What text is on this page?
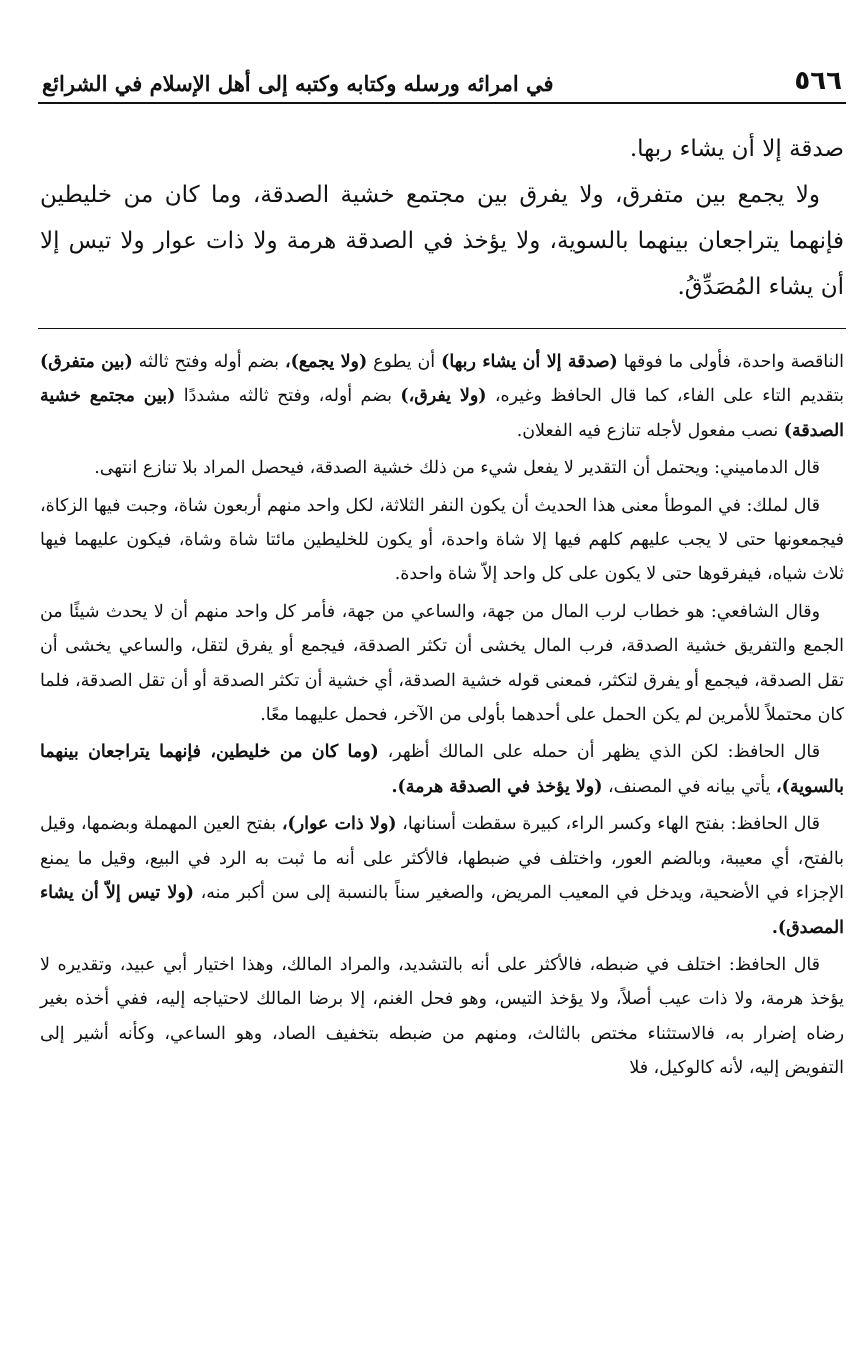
٥٦٦
في امرائه ورسله وكتابه وكتبه إلى أهل الإسلام في الشرائع

صدقة إلا أن يشاء ربها.

ولا يجمع بين متفرق، ولا يفرق بين مجتمع خشية الصدقة، وما كان من خليطين فإنهما يتراجعان بينهما بالسوية، ولا يؤخذ في الصدقة هرمة ولا ذات عوار ولا تيس إلا أن يشاء المُصَدِّقُ.

الناقصة واحدة، فأولى ما فوقها (صدقة إلا أن يشاء ربها) أن يطوع (ولا يجمع)، بضم أوله وفتح ثالثه (بين متفرق) بتقديم التاء على الفاء، كما قال الحافظ وغيره، (ولا يفرق،) بضم أوله، وفتح ثالثه مشددًا (بين مجتمع خشية الصدقة) نصب مفعول لأجله تنازع فيه الفعلان.

قال الدماميني: ويحتمل أن التقدير لا يفعل شيء من ذلك خشية الصدقة، فيحصل المراد بلا تنازع انتهى.

قال لملك: في الموطأ معنى هذا الحديث أن يكون النفر الثلاثة، لكل واحد منهم أربعون شاة، وجبت فيها الزكاة، فيجمعونها حتى لا يجب عليهم كلهم فيها إلا شاة واحدة، أو يكون للخليطين مائتا شاة وشاة، فيكون عليهما فيها ثلاث شياه، فيفرقوها حتى لا يكون على كل واحد إلاّ شاة واحدة.

وقال الشافعي: هو خطاب لرب المال من جهة، والساعي من جهة، فأمر كل واحد منهم أن لا يحدث شيئًا من الجمع والتفريق خشية الصدقة، فرب المال يخشى أن تكثر الصدقة، فيجمع أو يفرق لتقل، والساعي يخشى أن تقل الصدقة، فيجمع أو يفرق لتكثر، فمعنى قوله خشية الصدقة، أي خشية أن تكثر الصدقة أو أن تقل الصدقة، فلما كان محتملاً للأمرين لم يكن الحمل على أحدهما بأولى من الآخر، فحمل عليهما معًا.

قال الحافظ: لكن الذي يظهر أن حمله على المالك أظهر، (وما كان من خليطين، فإنهما يتراجعان بينهما بالسوية)، يأتي بيانه في المصنف، (ولا يؤخذ في الصدقة هرمة).

قال الحافظ: بفتح الهاء وكسر الراء، كبيرة سقطت أسنانها، (ولا ذات عوار)، بفتح العين المهملة وبضمها، وقيل بالفتح، أي معيبة، وبالضم العور، واختلف في ضبطها، فالأكثر على أنه ما ثبت به الرد في البيع، وقيل ما يمنع الإجزاء في الأضحية، ويدخل في المعيب المريض، والصغير سناً بالنسبة إلى سن أكبر منه، (ولا تيس إلاّ أن يشاء المصدق).

قال الحافظ: اختلف في ضبطه، فالأكثر على أنه بالتشديد، والمراد المالك، وهذا اختيار أبي عبيد، وتقديره لا يؤخذ هرمة، ولا ذات عيب أصلاً، ولا يؤخذ التيس، وهو فحل الغنم، إلا برضا المالك لاحتياجه إليه، ففي أخذه بغير رضاه إضرار به، فالاستثناء مختص بالثالث، ومنهم من ضبطه بتخفيف الصاد، وهو الساعي، وكأنه أشير إلى التفويض إليه، لأنه كالوكيل، فلا
